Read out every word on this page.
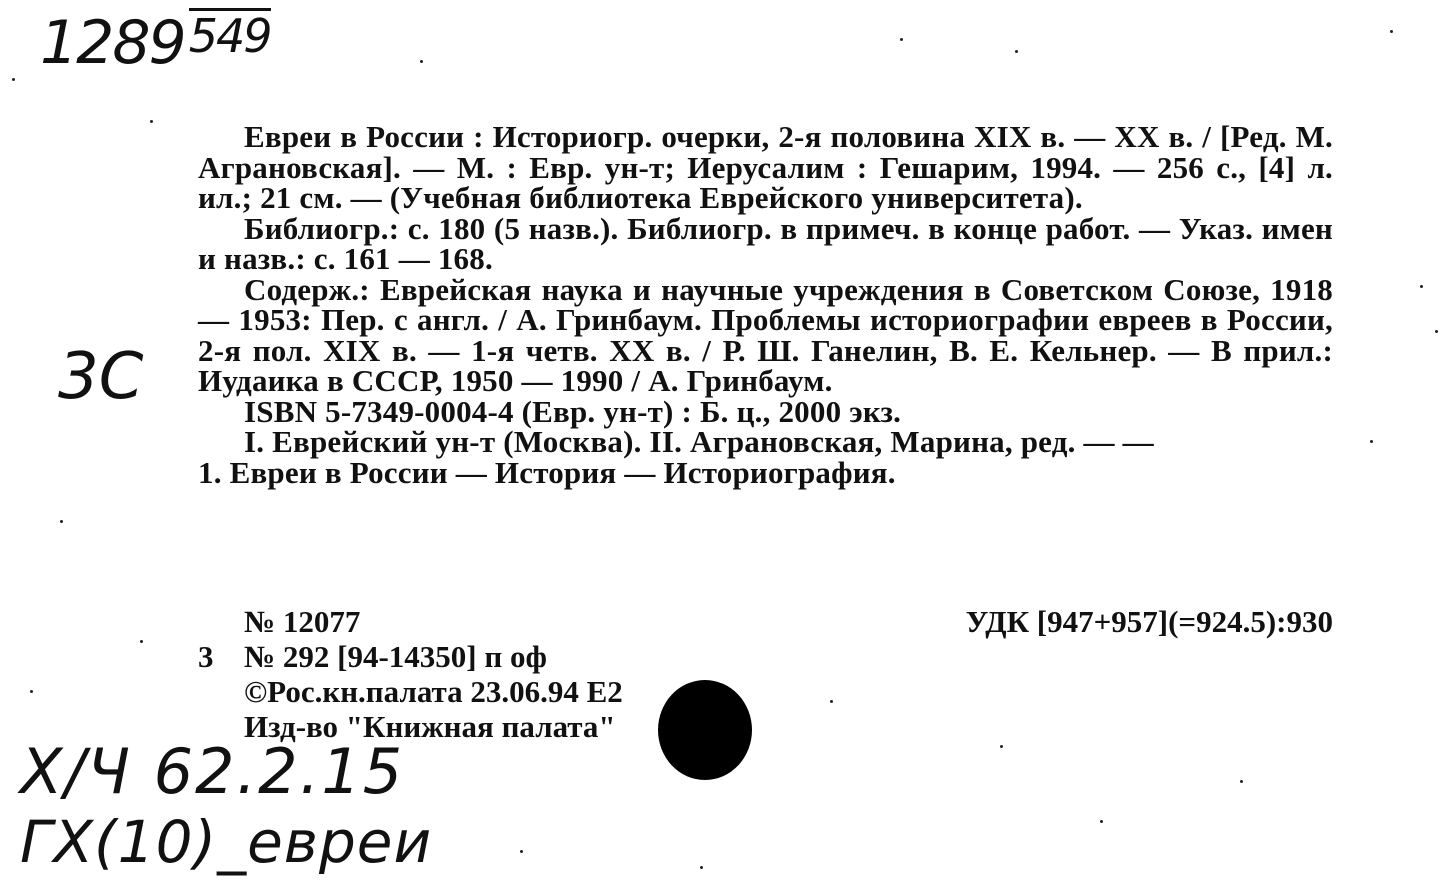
1289 549
3C

Евреи в России : Историогр. очерки, 2-я половина XIX в. — XX в. / [Ред. М. Аграновская]. — М. : Евр. ун-т; Иерусалим : Гешарим, 1994. — 256 с., [4] л. ил.; 21 см. — (Учебная библиотека Еврейского университета).

Библиогр.: с. 180 (5 назв.). Библиогр. в примеч. в конце работ. — Указ. имен и назв.: с. 161 — 168.

Содерж.: Еврейская наука и научные учреждения в Советском Союзе, 1918 — 1953: Пер. с англ. / А. Гринбаум. Проблемы историографии евреев в России, 2-я пол. XIX в. — 1-я четв. XX в. / Р. Ш. Ганелин, В. Е. Кельнер. — В прил.: Иудаика в СССР, 1950 — 1990 / А. Гринбаум.

ISBN 5-7349-0004-4 (Евр. ун-т) : Б. ц., 2000 экз.

I. Еврейский ун-т (Москва). II. Аграновская, Марина, ред. — —

1. Евреи в России — История — Историография.

№ 12077	УДК [947+957](=924.5):930
3 № 292 [94-14350] п оф
©Рос.кн.палата 23.06.94 Е2
Изд-во "Книжная палата"
Х/Ч 62.2.15
ГХ(10)_евреи
